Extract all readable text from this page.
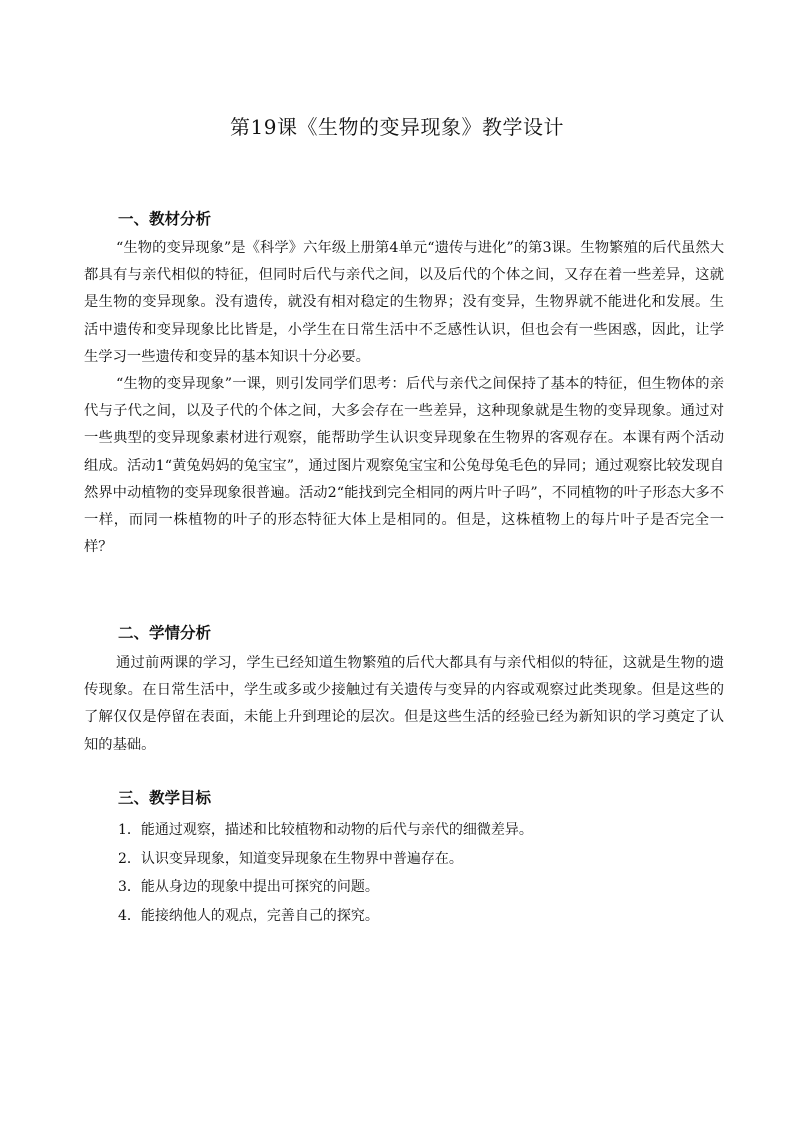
第19课《生物的变异现象》教学设计
一、教材分析

“生物的变异现象”是《科学》六年级上册第4单元“遗传与进化”的第3课。生物繁殖的后代虽然大都具有与亲代相似的特征，但同时后代与亲代之间，以及后代的个体之间，又存在着一些差异，这就是生物的变异现象。没有遗传，就没有相对稳定的生物界；没有变异，生物界就不能进化和发展。生活中遗传和变异现象比比皆是，小学生在日常生活中不乏感性认识，但也会有一些困惑，因此，让学生学习一些遗传和变异的基本知识十分必要。

“生物的变异现象”一课，则引发同学们思考：后代与亲代之间保持了基本的特征，但生物体的亲代与子代之间，以及子代的个体之间，大多会存在一些差异，这种现象就是生物的变异现象。通过对一些典型的变异现象素材进行观察，能帮助学生认识变异现象在生物界的客观存在。本课有两个活动组成。活动1“黄兔妈妈的兔宝宝”，通过图片观察兔宝宝和公兔母兔毛色的异同；通过观察比较发现自然界中动植物的变异现象很普遍。活动2“能找到完全相同的两片叶子吗”，不同植物的叶子形态大多不一样，而同一株植物的叶子的形态特征大体上是相同的。但是，这株植物上的每片叶子是否完全一样？

二、学情分析

通过前两课的学习，学生已经知道生物繁殖的后代大都具有与亲代相似的特征，这就是生物的遗传现象。在日常生活中，学生或多或少接触过有关遗传与变异的内容或观察过此类现象。但是这些的了解仅仅是停留在表面，未能上升到理论的层次。但是这些生活的经验已经为新知识的学习奠定了认知的基础。

三、教学目标
1．能通过观察，描述和比较植物和动物的后代与亲代的细微差异。
2．认识变异现象，知道变异现象在生物界中普遍存在。
3．能从身边的现象中提出可探究的问题。
4．能接纳他人的观点，完善自己的探究。
